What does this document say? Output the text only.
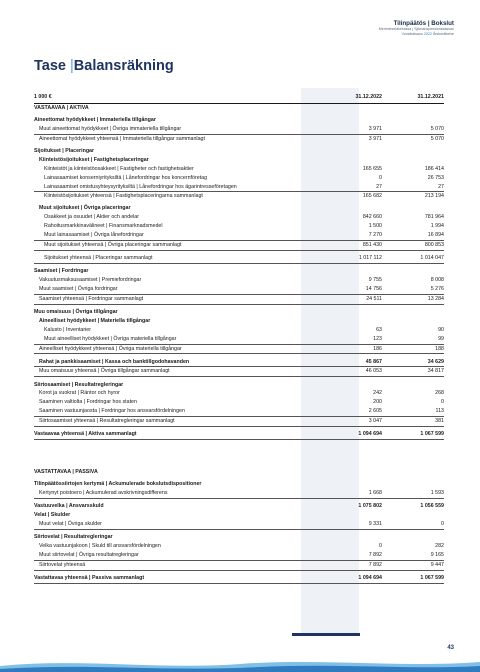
Tilinpäätös | Bokslut
Merimieseläkekassa | Sjömanspensionskassan
Vuosikatsaus 2022 Årsberättelse
Tase |Balansräkning
1 000 €	31.12.2022	31.12.2021
VASTAAVAA | AKTIVA
Aineettomat hyödykkeet | Immateriella tillgångar
Muut aineettomat hyödykkeet | Övriga immateriella tillgångar	3 971	5 070
Aineettomat hyödykkeet yhteensä | Immateriella tillgångar sammanlagt	3 971	5 070
Sijoitukset | Placeringar
Kiinteistösijoitukset | Fastighetsplaceringar
Kiinteistöt ja kiinteistöosakkeet | Fastigheter och fastighetsaktier	165 655	186 414
Lainasaamiset konserniyrityksiltä | Lånefordringar hos koncernföretag	0	26 753
Lainasaamiset omistusyhteysyrityksiltä | Lånefordringar hos ägarintresseföretagen	27	27
Kiinteistösijoitukset yhteensä | Fastighetsplaceringarna sammanlagt	165 682	213 194
Muut sijoitukset | Övriga placeringar
Osakkeet ja osuudet | Aktier och andelar	842 660	781 964
Rahoitusmarkkinavälineet | Finansmarknadsmedel	1 500	1 994
Muut lainasaamiset | Övriga lånefordringar	7 270	16 894
Muut sijoitukset yhteensä | Övriga placeringar sammanlagt	851 430	800 853
Sijoitukset yhteensä | Placeringar sammanlagt	1 017 112	1 014 047
Saamiset | Fordringar
Vakuutusmaksusaamiset | Premiefordringar	9 755	8 008
Muut saamiset | Övriga fordringar	14 756	5 276
Saamiset yhteensä | Fordringar sammanlagt	24 511	13 284
Muu omaisuus | Övriga tillgångar
Aineelliset hyödykkeet | Materiella tillgångar
Kalusto | Inventarier	63	90
Muut aineelliset hyödykkeet | Övriga materiella tillgångar	123	99
Aineelliset hyödykkeet yhteensä | Övriga materiella tillgångar	186	188
Rahat ja pankkisaamiset | Kassa och banktillgodohavanden	45 867	34 629
Muu omaisuus yhteensä | Övriga tillgångar sammanlagt	46 053	34 817
Siirtosaamiset | Resultatregleringar
Korot ja vuokrat | Räntor och hyror	242	268
Saaminen valtiolta | Fordringar hos staten	200	0
Saaminen vastuunjaosta | Fordringar hos ansvarsfördelningen	2 605	113
Siirtosaamiset yhteensä | Resultatregleringar sammanlagt	3 047	381
Vastaavaa yhteensä | Aktiva sammanlagt	1 094 694	1 067 599
VASTATTAVAA | PASSIVA
Tilinpäätössiirtojen kertymä | Ackumulerade bokslutsdispositioner
Kertynyt poistoero | Ackumulerad avskrivningsdifferens	1 668	1 593
Vastuuvelka | Ansvarsskuld	1 075 802	1 056 559
Velat | Skulder
Muut velat | Övriga skulder	9 331	0
Siirtovelat | Resultatregleringar
Velka vastuunjakoon | Skuld till ansvarsfördelningen	0	282
Muut siirtovelat | Övriga resultatregleringar	7 892	9 165
Siirtovelat yhteensä	7 892	9 447
Vastattavaa yhteensä | Passiva sammanlagt	1 094 694	1 067 599
43
